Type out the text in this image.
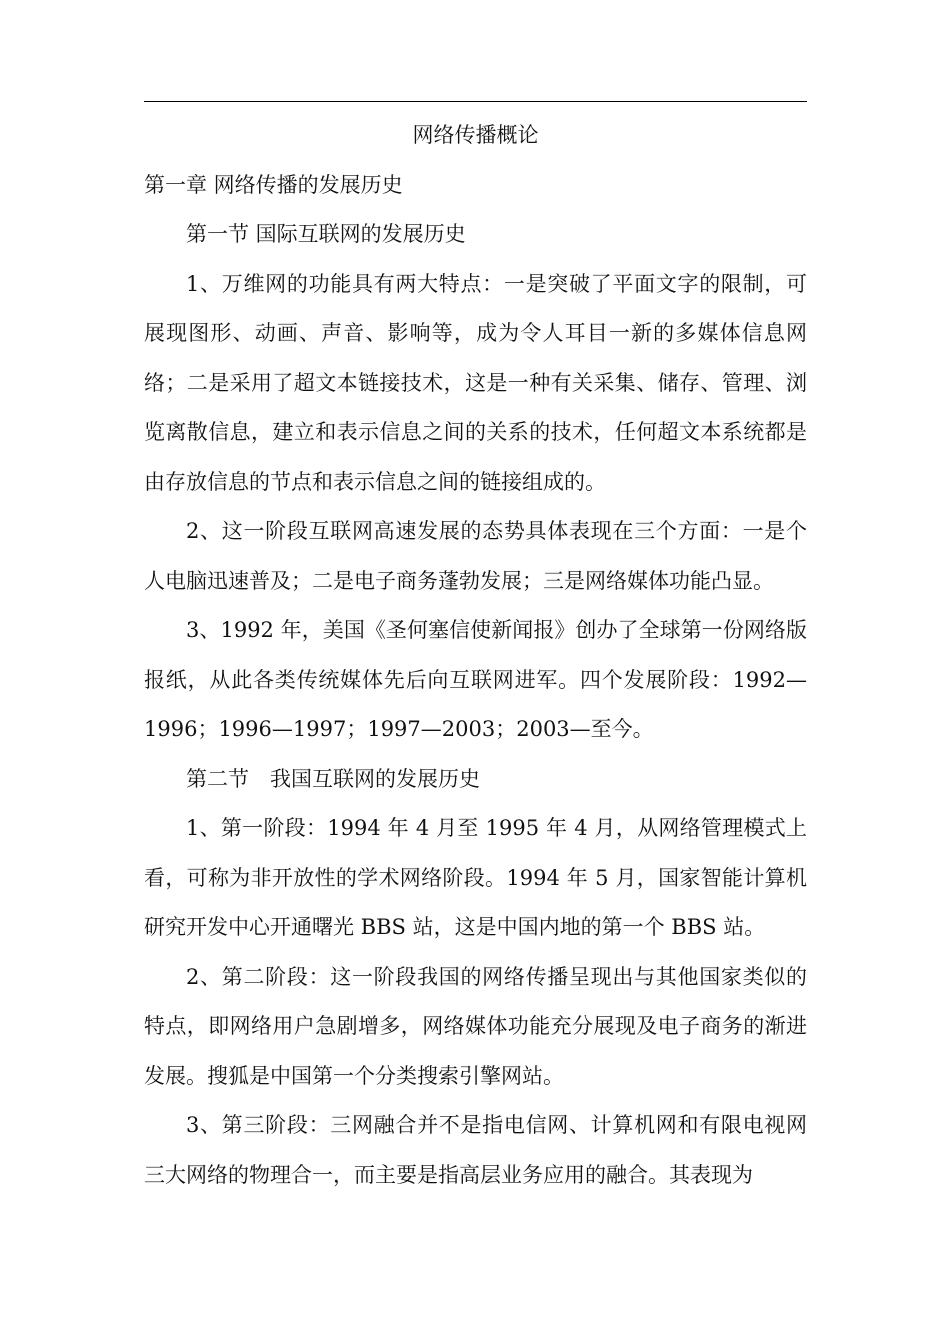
网络传播概论

第一章 网络传播的发展历史

第一节 国际互联网的发展历史

1、万维网的功能具有两大特点：一是突破了平面文字的限制，可展现图形、动画、声音、影响等，成为令人耳目一新的多媒体信息网络；二是采用了超文本链接技术，这是一种有关采集、储存、管理、浏览离散信息，建立和表示信息之间的关系的技术，任何超文本系统都是由存放信息的节点和表示信息之间的链接组成的。

2、这一阶段互联网高速发展的态势具体表现在三个方面：一是个人电脑迅速普及；二是电子商务蓬勃发展；三是网络媒体功能凸显。

3、1992 年，美国《圣何塞信使新闻报》创办了全球第一份网络版报纸，从此各类传统媒体先后向互联网进军。四个发展阶段：1992—1996；1996—1997；1997—2003；2003—至今。

第二节　我国互联网的发展历史

1、第一阶段：1994 年 4 月至 1995 年 4 月，从网络管理模式上看，可称为非开放性的学术网络阶段。1994 年 5 月，国家智能计算机研究开发中心开通曙光 BBS 站，这是中国内地的第一个 BBS 站。

2、第二阶段：这一阶段我国的网络传播呈现出与其他国家类似的特点，即网络用户急剧增多，网络媒体功能充分展现及电子商务的渐进发展。搜狐是中国第一个分类搜索引擎网站。

3、第三阶段：三网融合并不是指电信网、计算机网和有限电视网三大网络的物理合一，而主要是指高层业务应用的融合。其表现为
